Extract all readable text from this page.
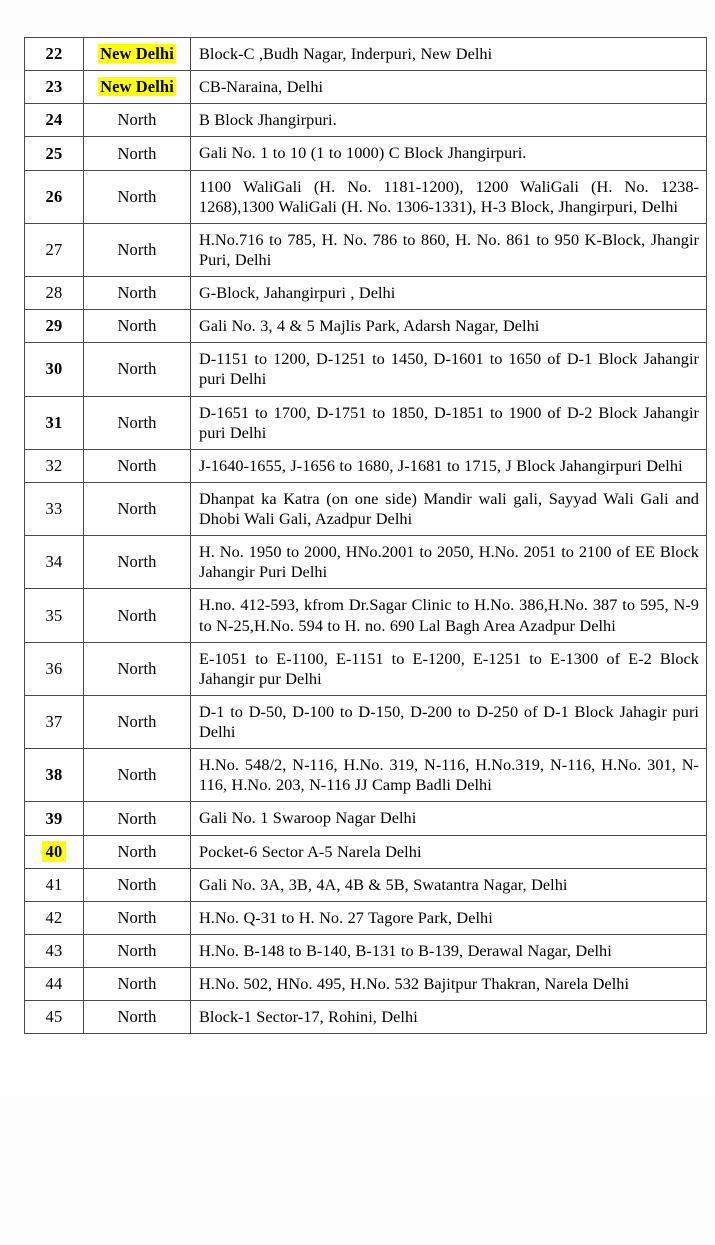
22	New Delhi	Block-C ,Budh Nagar, Inderpuri, New Delhi

23	New Delhi	CB-Naraina, Delhi

24	North	B Block Jhangirpuri.

25	North	Gali No. 1 to 10 (1 to 1000) C Block Jhangirpuri.

26	North	1100 WaliGali (H. No. 1181-1200), 1200 WaliGali (H. No. 1238-1268),1300 WaliGali (H. No. 1306-1331), H-3 Block, Jhangirpuri, Delhi

27	North	H.No.716 to 785, H. No. 786 to 860, H. No. 861 to 950 K-Block, Jhangir Puri, Delhi

28	North	G-Block, Jahangirpuri , Delhi

29	North	Gali No. 3, 4 & 5 Majlis Park, Adarsh Nagar, Delhi

30	North	D-1151 to 1200, D-1251 to 1450, D-1601 to 1650 of D-1 Block Jahangir puri Delhi

31	North	D-1651 to 1700, D-1751 to 1850, D-1851 to 1900 of D-2 Block Jahangir puri Delhi

32	North	J-1640-1655, J-1656 to 1680, J-1681 to 1715, J Block Jahangirpuri Delhi

33	North	Dhanpat ka Katra (on one side) Mandir wali gali, Sayyad Wali Gali and Dhobi Wali Gali, Azadpur Delhi

34	North	H. No. 1950 to 2000, HNo.2001 to 2050, H.No. 2051 to 2100 of EE Block Jahangir Puri Delhi

35	North	H.no. 412-593, kfrom Dr.Sagar Clinic to H.No. 386,H.No. 387 to 595, N-9 to N-25,H.No. 594 to H. no. 690 Lal Bagh Area Azadpur Delhi

36	North	E-1051 to E-1100, E-1151 to E-1200, E-1251 to E-1300 of E-2 Block Jahangir pur Delhi

37	North	D-1 to D-50, D-100 to D-150, D-200 to D-250 of D-1 Block Jahagir puri Delhi

38	North	H.No. 548/2, N-116, H.No. 319, N-116, H.No.319, N-116, H.No. 301, N-116, H.No. 203, N-116 JJ Camp Badli Delhi

39	North	Gali No. 1 Swaroop Nagar Delhi

40	North	Pocket-6 Sector A-5 Narela Delhi

41	North	Gali No. 3A, 3B, 4A, 4B & 5B, Swatantra Nagar, Delhi

42	North	H.No. Q-31 to H. No. 27 Tagore Park, Delhi

43	North	H.No. B-148 to B-140, B-131 to B-139, Derawal Nagar, Delhi

44	North	H.No. 502, HNo. 495, H.No. 532 Bajitpur Thakran, Narela Delhi

45	North	Block-1 Sector-17, Rohini, Delhi
